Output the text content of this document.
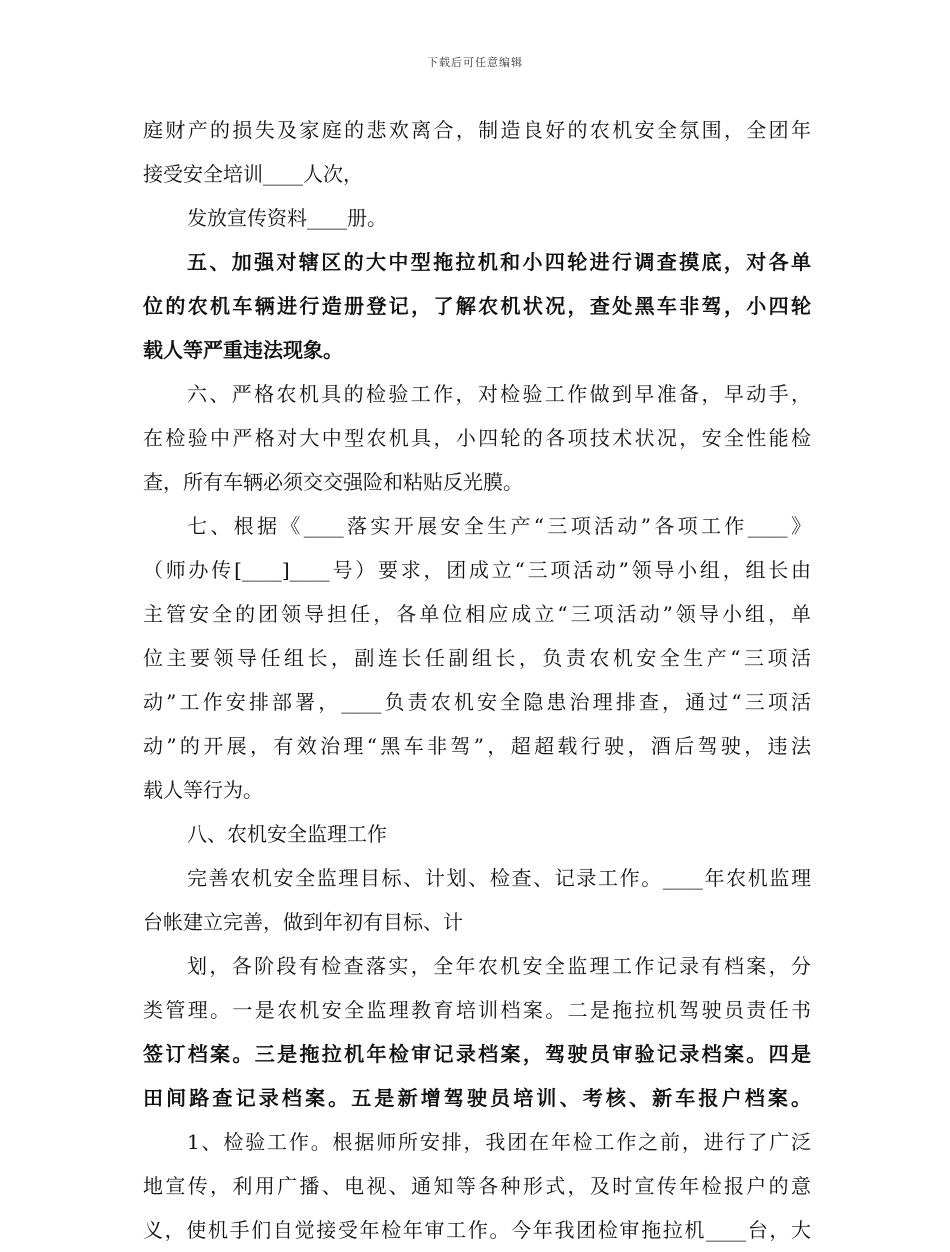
下载后可任意编辑
庭财产的损失及家庭的悲欢离合，制造良好的农机安全氛围，全团年
接受安全培训____人次，
发放宣传资料____册。
五、加强对辖区的大中型拖拉机和小四轮进行调查摸底，对各单
位的农机车辆进行造册登记，了解农机状况，查处黑车非驾，小四轮
载人等严重违法现象。
六、严格农机具的检验工作，对检验工作做到早准备，早动手，
在检验中严格对大中型农机具，小四轮的各项技术状况，安全性能检
查，所有车辆必须交交强险和粘贴反光膜。
七、根据《____落实开展安全生产“三项活动”各项工作____》
（师办传[____]____号）要求，团成立“三项活动”领导小组，组长由
主管安全的团领导担任，各单位相应成立“三项活动”领导小组，单
位主要领导任组长，副连长任副组长，负责农机安全生产“三项活
动”工作安排部署，____负责农机安全隐患治理排查，通过“三项活
动”的开展，有效治理“黑车非驾”，超超载行驶，酒后驾驶，违法
载人等行为。
八、农机安全监理工作
完善农机安全监理目标、计划、检查、记录工作。____年农机监理
台帐建立完善，做到年初有目标、计
划，各阶段有检查落实，全年农机安全监理工作记录有档案，分
类管理。一是农机安全监理教育培训档案。二是拖拉机驾驶员责任书
签订档案。三是拖拉机年检审记录档案，驾驶员审验记录档案。四是
田间路查记录档案。五是新增驾驶员培训、考核、新车报户档案。
1、检验工作。根据师所安排，我团在年检工作之前，进行了广泛
地宣传，利用广播、电视、通知等各种形式，及时宣传年检报户的意
义，使机手们自觉接受年检年审工作。今年我团检审拖拉机____台，大
